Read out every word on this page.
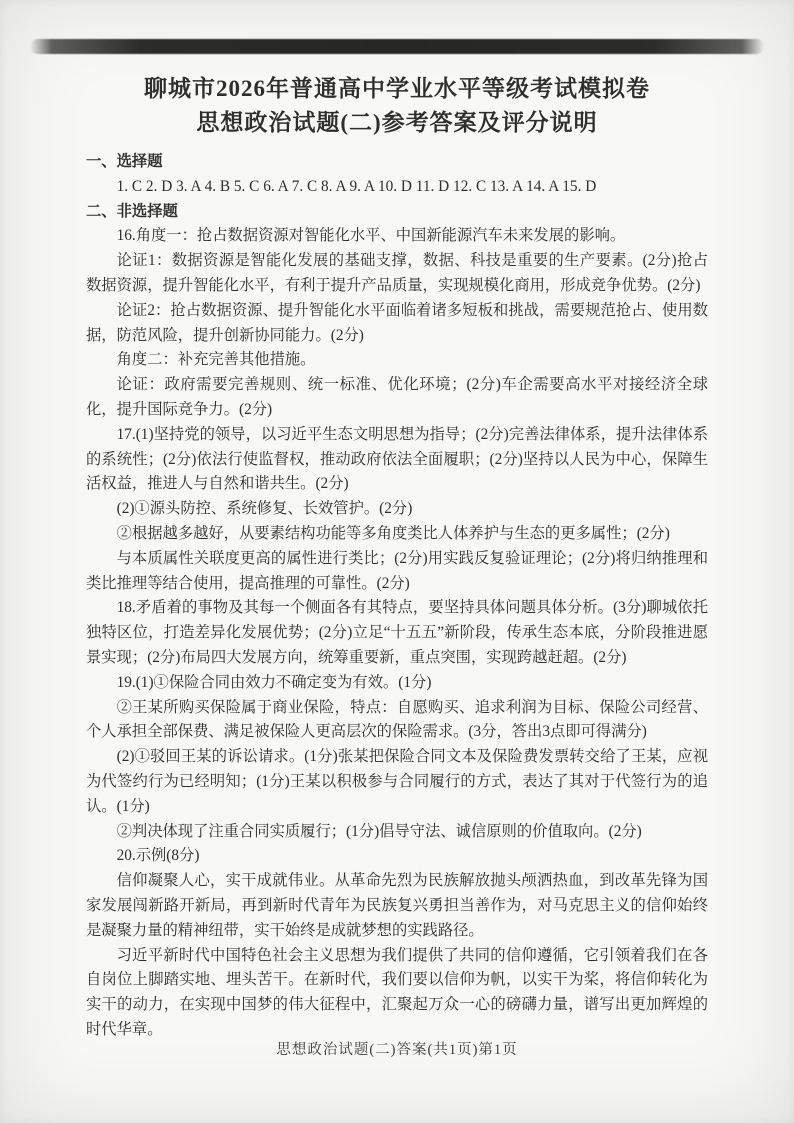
聊城市2026年普通高中学业水平等级考试模拟卷
思想政治试题(二)参考答案及评分说明

一、选择题

1. C 2. D 3. A 4. B 5. C 6. A 7. C 8. A 9. A 10. D 11. D 12. C 13. A 14. A 15. D

二、非选择题

16.角度一：抢占数据资源对智能化水平、中国新能源汽车未来发展的影响。

论证1：数据资源是智能化发展的基础支撑，数据、科技是重要的生产要素。(2分)抢占数据资源，提升智能化水平，有利于提升产品质量，实现规模化商用，形成竞争优势。(2分)

论证2：抢占数据资源、提升智能化水平面临着诸多短板和挑战，需要规范抢占、使用数据，防范风险，提升创新协同能力。(2分)

角度二：补充完善其他措施。

论证：政府需要完善规则、统一标准、优化环境；(2分)车企需要高水平对接经济全球化，提升国际竞争力。(2分)

17.(1)坚持党的领导，以习近平生态文明思想为指导；(2分)完善法律体系，提升法律体系的系统性；(2分)依法行使监督权，推动政府依法全面履职；(2分)坚持以人民为中心，保障生活权益，推进人与自然和谐共生。(2分)

(2)①源头防控、系统修复、长效管护。(2分)

②根据越多越好，从要素结构功能等多角度类比人体养护与生态的更多属性；(2分)

与本质属性关联度更高的属性进行类比；(2分)用实践反复验证理论；(2分)将归纳推理和类比推理等结合使用，提高推理的可靠性。(2分)

18.矛盾着的事物及其每一个侧面各有其特点，要坚持具体问题具体分析。(3分)聊城依托独特区位，打造差异化发展优势；(2分)立足“十五五”新阶段，传承生态本底，分阶段推进愿景实现；(2分)布局四大发展方向，统筹重要新，重点突围，实现跨越赶超。(2分)

19.(1)①保险合同由效力不确定变为有效。(1分)

②王某所购买保险属于商业保险，特点：自愿购买、追求利润为目标、保险公司经营、个人承担全部保费、满足被保险人更高层次的保险需求。(3分，答出3点即可得满分)

(2)①驳回王某的诉讼请求。(1分)张某把保险合同文本及保险费发票转交给了王某，应视为代签约行为已经明知；(1分)王某以积极参与合同履行的方式，表达了其对于代签行为的追认。(1分)

②判决体现了注重合同实质履行；(1分)倡导守法、诚信原则的价值取向。(2分)

20.示例(8分)

信仰凝聚人心，实干成就伟业。从革命先烈为民族解放抛头颅洒热血，到改革先锋为国家发展闯新路开新局，再到新时代青年为民族复兴勇担当善作为，对马克思主义的信仰始终是凝聚力量的精神纽带，实干始终是成就梦想的实践路径。

习近平新时代中国特色社会主义思想为我们提供了共同的信仰遵循，它引领着我们在各自岗位上脚踏实地、埋头苦干。在新时代，我们要以信仰为帆，以实干为桨，将信仰转化为实干的动力，在实现中国梦的伟大征程中，汇聚起万众一心的磅礴力量，谱写出更加辉煌的时代华章。

思想政治试题(二)答案(共1页)第1页
